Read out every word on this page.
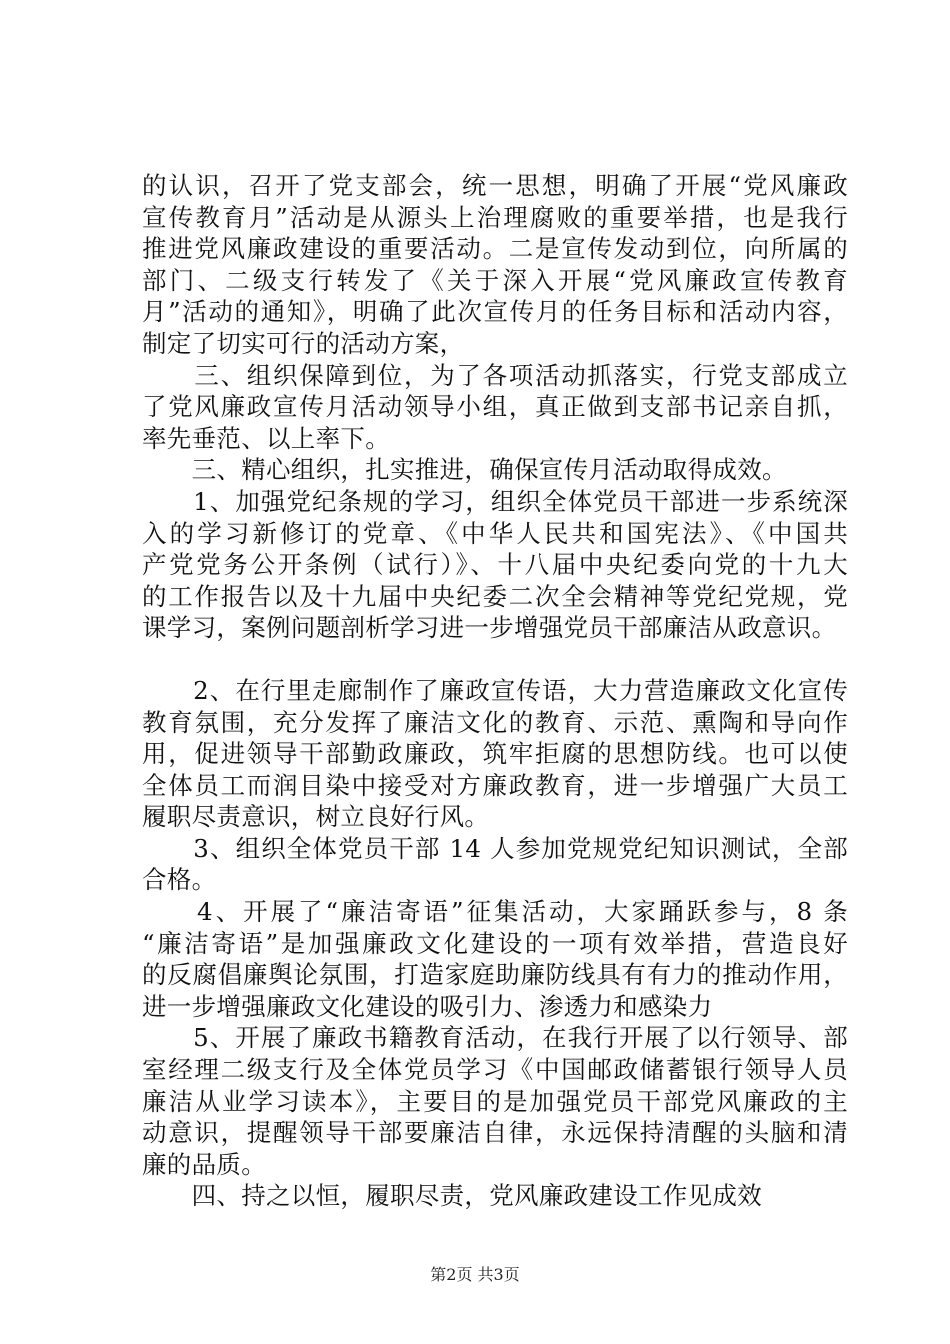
的认识，召开了党支部会，统一思想，明确了开展“党风廉政
宣传教育月”活动是从源头上治理腐败的重要举措，也是我行
推进党风廉政建设的重要活动。二是宣传发动到位，向所属的
部门、二级支行转发了《关于深入开展“党风廉政宣传教育
月”活动的通知》，明确了此次宣传月的任务目标和活动内容，
制定了切实可行的活动方案，

　　三、组织保障到位，为了各项活动抓落实，行党支部成立
了党风廉政宣传月活动领导小组，真正做到支部书记亲自抓，
率先垂范、以上率下。

　　三、精心组织，扎实推进，确保宣传月活动取得成效。

　　1、加强党纪条规的学习，组织全体党员干部进一步系统深
入的学习新修订的党章、《中华人民共和国宪法》、《中国共
产党党务公开条例（试行）》、十八届中央纪委向党的十九大
的工作报告以及十九届中央纪委二次全会精神等党纪党规，党
课学习，案例问题剖析学习进一步增强党员干部廉洁从政意识。

　　2、在行里走廊制作了廉政宣传语，大力营造廉政文化宣传
教育氛围，充分发挥了廉洁文化的教育、示范、熏陶和导向作
用，促进领导干部勤政廉政，筑牢拒腐的思想防线。也可以使
全体员工而润目染中接受对方廉政教育，进一步增强广大员工
履职尽责意识，树立良好行风。

　　3、组织全体党员干部 14 人参加党规党纪知识测试，全部
合格。

　　4、开展了“廉洁寄语”征集活动，大家踊跃参与，8 条
“廉洁寄语”是加强廉政文化建设的一项有效举措，营造良好
的反腐倡廉舆论氛围，打造家庭助廉防线具有有力的推动作用，
进一步增强廉政文化建设的吸引力、渗透力和感染力

　　5、开展了廉政书籍教育活动，在我行开展了以行领导、部
室经理二级支行及全体党员学习《中国邮政储蓄银行领导人员
廉洁从业学习读本》，主要目的是加强党员干部党风廉政的主
动意识，提醒领导干部要廉洁自律，永远保持清醒的头脑和清
廉的品质。

　　四、持之以恒，履职尽责，党风廉政建设工作见成效

第2页 共3页
